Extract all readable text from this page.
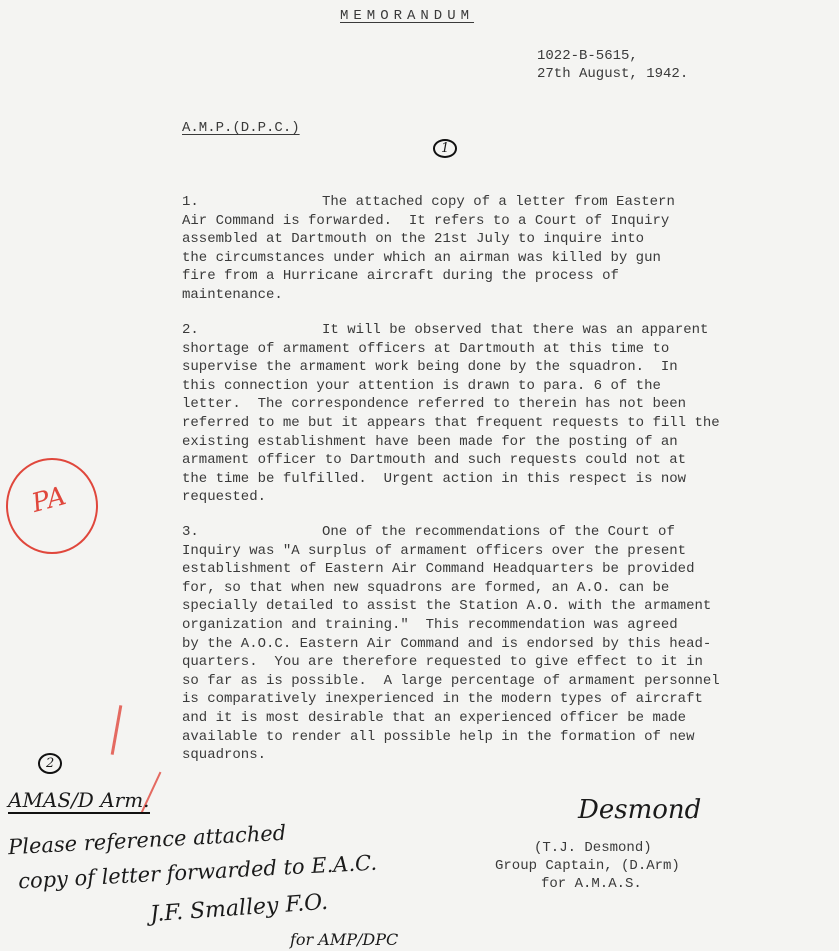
MEMORANDUM
1022-B-5615,
27th August, 1942.
A.M.P.(D.P.C.)
1
1.	The attached copy of a letter from Eastern
Air Command is forwarded.  It refers to a Court of Inquiry
assembled at Dartmouth on the 21st July to inquire into
the circumstances under which an airman was killed by gun
fire from a Hurricane aircraft during the process of
maintenance.
2.	It will be observed that there was an apparent
shortage of armament officers at Dartmouth at this time to
supervise the armament work being done by the squadron.  In
this connection your attention is drawn to para. 6 of the
letter.  The correspondence referred to therein has not been
referred to me but it appears that frequent requests to fill the
existing establishment have been made for the posting of an
armament officer to Dartmouth and such requests could not at
the time be fulfilled.  Urgent action in this respect is now
requested.
3.	One of the recommendations of the Court of
Inquiry was "A surplus of armament officers over the present
establishment of Eastern Air Command Headquarters be provided
for, so that when new squadrons are formed, an A.O. can be
specially detailed to assist the Station A.O. with the armament
organization and training."  This recommendation was agreed
by the A.O.C. Eastern Air Command and is endorsed by this head-
quarters.  You are therefore requested to give effect to it in
so far as is possible.  A large percentage of armament personnel
is comparatively inexperienced in the modern types of aircraft
and it is most desirable that an experienced officer be made
available to render all possible help in the formation of new
squadrons.
PA
2
AMAS/D Arm.
Please reference attached
copy of letter forwarded to E.A.C.
J.F. Smalley F.O.
for AMP/DPC
Desmond
(T.J. Desmond)
Group Captain, (D.Arm)
for A.M.A.S.
